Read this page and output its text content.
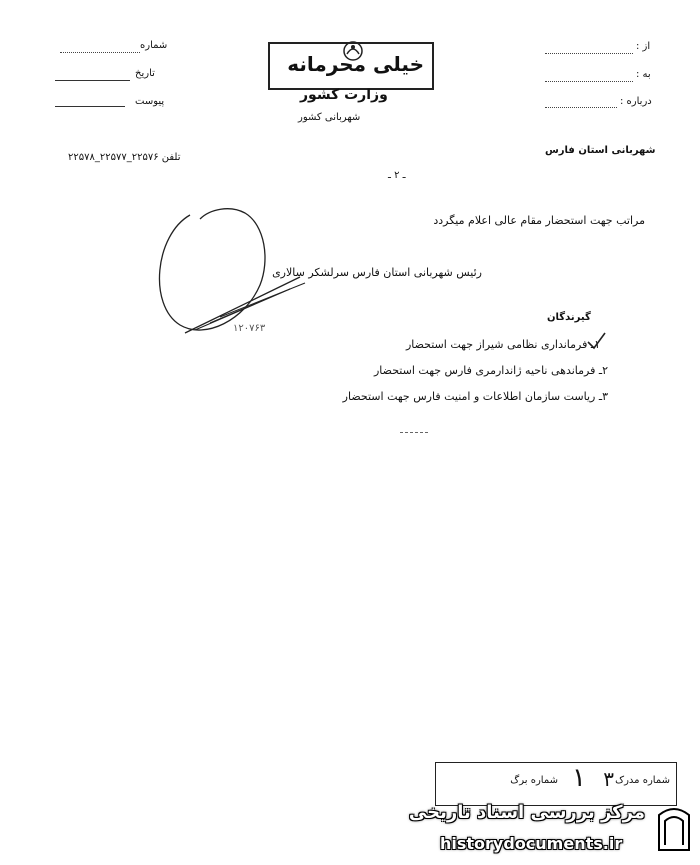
شماره
تاریخ
پیوست
خیلی محرمانه
وزارت کشور
شهربانی کشور
از :
به :
درباره :
شهربانی استان فارس
تلفن ۲۲۵۷۶_۲۲۵۷۷_۲۲۵۷۸
ـ ۲ ـ
مراتب جهت استحضار مقام عالی اعلام میگردد
رئیس شهربانی استان فارس سرلشکر سالاری
۱۲۰۷۶۳
گیرندگان
۱ـ فرمانداری نظامی شیراز جهت استحضار
۲ـ فرماندهی ناحیه ژاندارمری فارس جهت استحضار
۳ـ ریاست سازمان اطلاعات و امنیت فارس جهت استحضار
شماره مدرک
۳
شماره برگ ۱
مرکز بررسی اسناد تاریخی
historydocuments.ir
